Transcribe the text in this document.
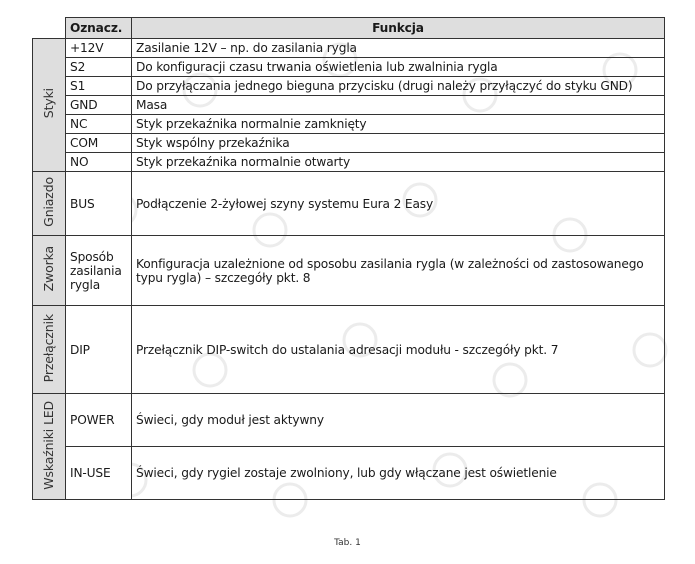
	Oznacz.	Funkcja
Styki	+12V	Zasilanie 12V – np. do zasilania rygla
	S2	Do konfiguracji czasu trwania oświetlenia lub zwalninia rygla
	S1	Do przyłączania jednego bieguna przycisku (drugi należy przyłączyć do styku GND)
	GND	Masa
	NC	Styk przekaźnika normalnie zamknięty
	COM	Styk wspólny przekaźnika
	NO	Styk przekaźnika normalnie otwarty
Gniazdo	BUS	Podłączenie 2-żyłowej szyny systemu Eura 2 Easy
Zworka	Sposób zasilania rygla	Konfiguracja uzależnione od sposobu zasilania rygla (w zależności od zastosowanego typu rygla) – szczegóły pkt. 8
Przełącznik	DIP	Przełącznik DIP-switch do ustalania adresacji modułu - szczegóły pkt. 7
Wskaźniki LED	POWER	Świeci, gdy moduł jest aktywny
	IN-USE	Świeci, gdy rygiel zostaje zwolniony, lub gdy włączane jest oświetlenie
Tab. 1
